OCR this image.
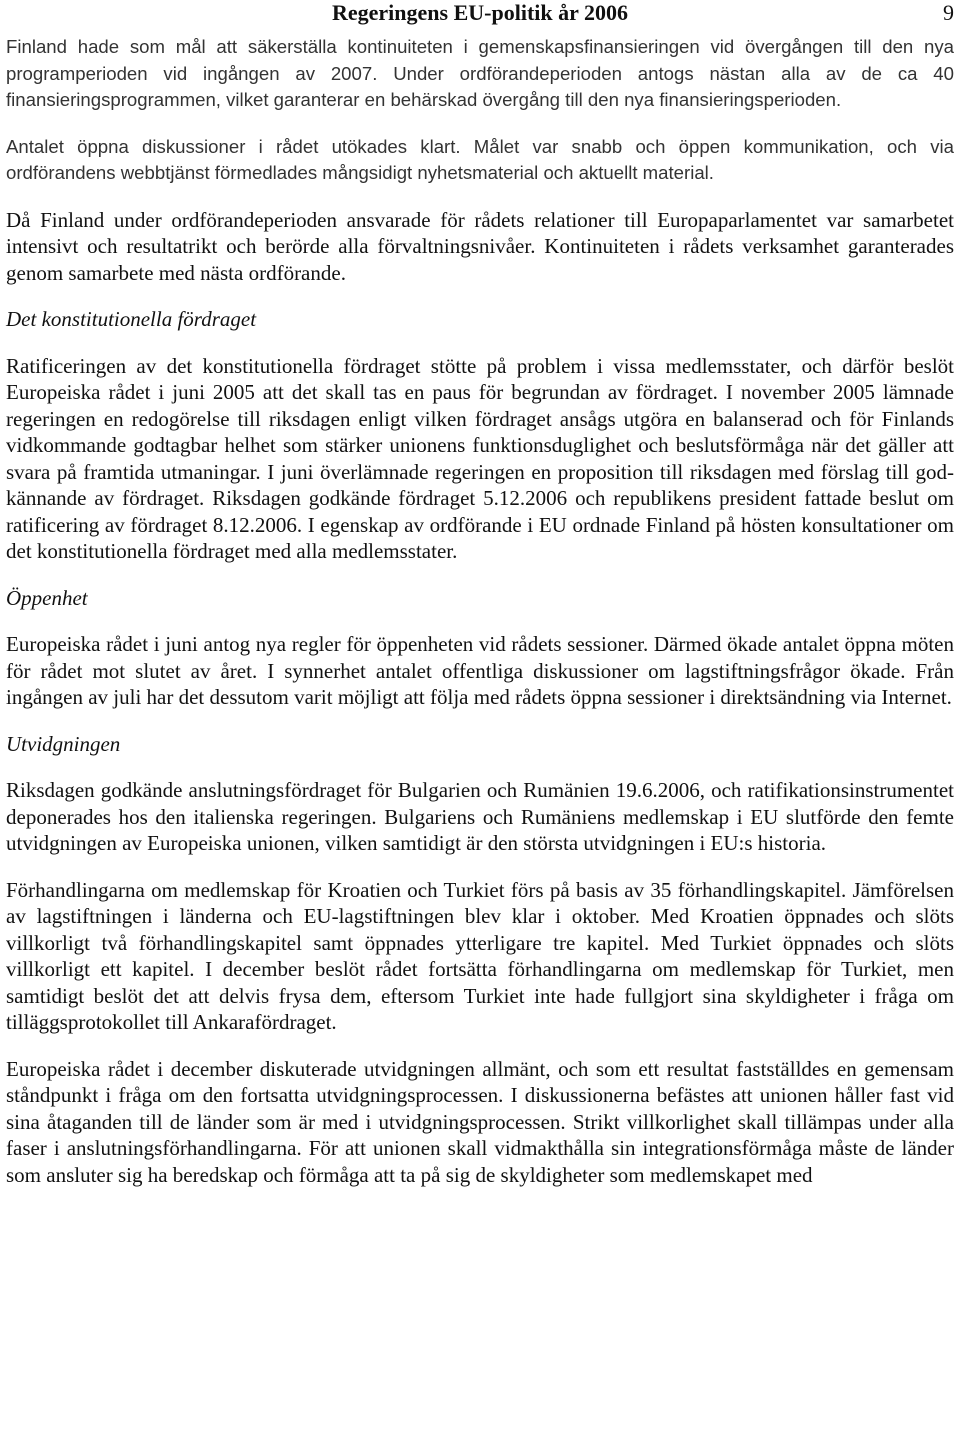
Regeringens EU-politik år 2006	9

Finland hade som mål att säkerställa kontinuiteten i gemenskapsfinansieringen vid övergången till den nya programperioden vid ingången av 2007. Under ordförandeperioden antogs nästan alla av de ca 40 finansieringsprogrammen, vilket garanterar en behärskad övergång till den nya finansieringsperioden.

Antalet öppna diskussioner i rådet utökades klart. Målet var snabb och öppen kommunikation, och via ordförandens webbtjänst förmedlades mångsidigt nyhetsmaterial och aktuellt material.

Då Finland under ordförandeperioden ansvarade för rådets relationer till Europaparlamentet var samarbetet intensivt och resultatrikt och berörde alla förvaltningsnivåer. Kontinuiteten i rådets verksamhet garanterades genom samarbete med nästa ordförande.

Det konstitutionella fördraget

Ratificeringen av det konstitutionella fördraget stötte på problem i vissa medlemsstater, och därför beslöt Europeiska rådet i juni 2005 att det skall tas en paus för begrundan av fördraget. I november 2005 lämnade regeringen en redogörelse till riksdagen enligt vilken fördraget ansågs utgöra en balanserad och för Finlands vidkommande godtagbar helhet som stärker unionens funktionsduglighet och beslutsförmåga när det gäller att svara på framtida utmaningar. I juni överlämnade regeringen en proposition till riksdagen med förslag till godkännande av fördraget. Riksdagen godkände fördraget 5.12.2006 och republikens president fattade beslut om ratificering av fördraget 8.12.2006. I egenskap av ordförande i EU ordnade Finland på hösten konsultationer om det konstitutionella fördraget med alla medlemsstater.

Öppenhet

Europeiska rådet i juni antog nya regler för öppenheten vid rådets sessioner. Därmed ökade antalet öppna möten för rådet mot slutet av året. I synnerhet antalet offentliga diskussioner om lagstiftningsfrågor ökade. Från ingången av juli har det dessutom varit möjligt att följa med rådets öppna sessioner i direktsändning via Internet.

Utvidgningen

Riksdagen godkände anslutningsfördraget för Bulgarien och Rumänien 19.6.2006, och ratifikationsinstrumentet deponerades hos den italienska regeringen. Bulgariens och Rumäniens medlemskap i EU slutförde den femte utvidgningen av Europeiska unionen, vilken samtidigt är den största utvidgningen i EU:s historia.

Förhandlingarna om medlemskap för Kroatien och Turkiet förs på basis av 35 förhandlingskapitel. Jämförelsen av lagstiftningen i länderna och EU-lagstiftningen blev klar i oktober. Med Kroatien öppnades och slöts villkorligt två förhandlingskapitel samt öppnades ytterligare tre kapitel. Med Turkiet öppnades och slöts villkorligt ett kapitel. I december beslöt rådet fortsätta förhandlingarna om medlemskap för Turkiet, men samtidigt beslöt det att delvis frysa dem, eftersom Turkiet inte hade fullgjort sina skyldigheter i fråga om tilläggsprotokollet till Ankarafördraget.

Europeiska rådet i december diskuterade utvidgningen allmänt, och som ett resultat fastställdes en gemensam ståndpunkt i fråga om den fortsatta utvidgningsprocessen. I diskussionerna befästes att unionen håller fast vid sina åtaganden till de länder som är med i utvidgningsprocessen. Strikt villkorlighet skall tillämpas under alla faser i anslutningsförhandlingarna. För att unionen skall vidmakthålla sin integrationsförmåga måste de länder som ansluter sig ha beredskap och förmåga att ta på sig de skyldigheter som medlemskapet med
